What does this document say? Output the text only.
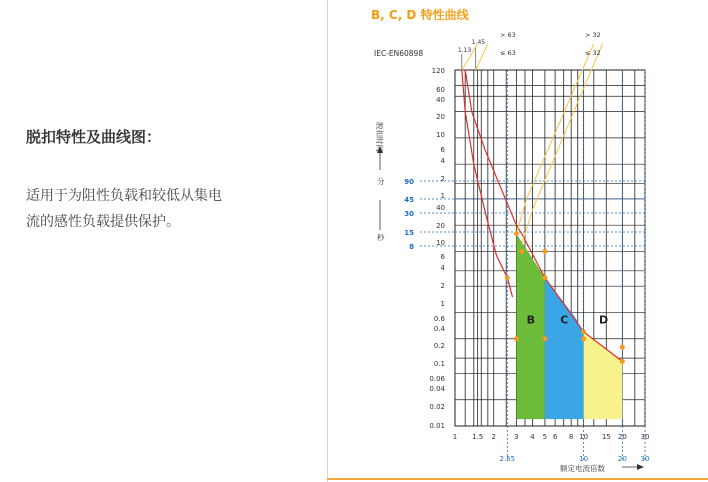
脱扣特性及曲线图：
适用于为阻性负载和较低从集电
流的感性负载提供保护。
B, C, D 特性曲线
IEC-EN60898
B C	D
1 1.5 2	3 4 5 6 8 10 15 20 30
2.55	10	20 30
1.13
1.45
> 63
≤ 63
> 32
≤ 32
120
60
40
20
10
6
4
2
1
40
20
10
6
4
2
1
0.6
0.4
0.2
0.1
0.06
0.04
0.02
0.01
脱扣时间
分
秒
90
45
30
15
8
额定电流倍数
